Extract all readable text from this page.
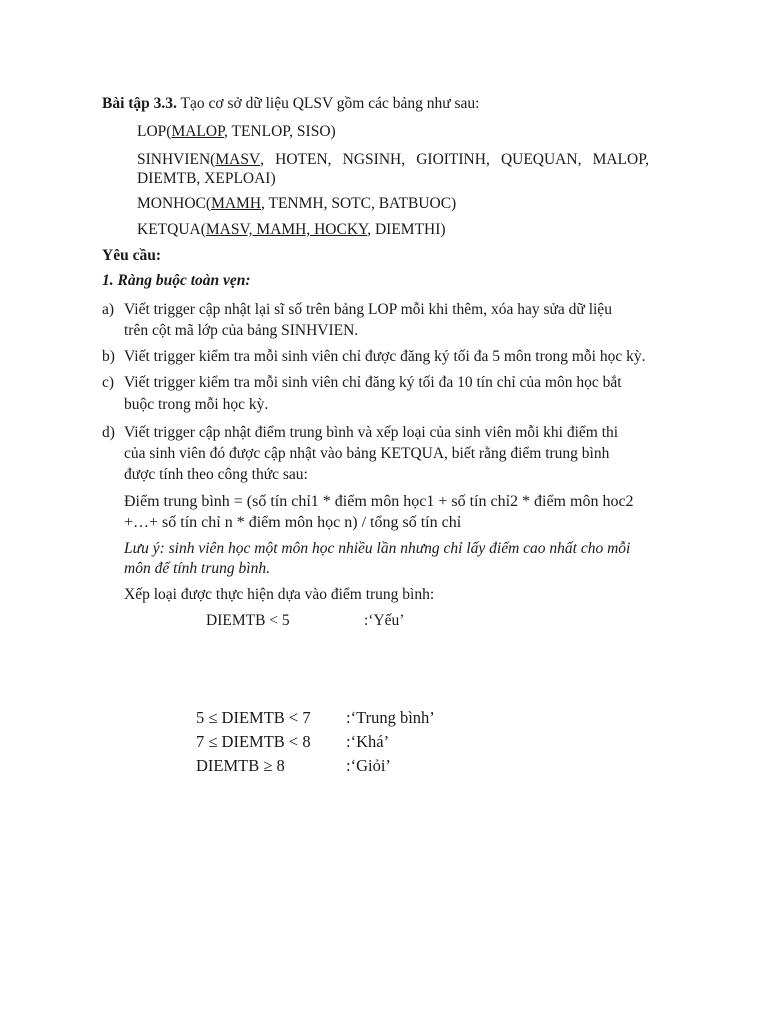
Bài tập 3.3. Tạo cơ sở dữ liệu QLSV gồm các bảng như sau:
LOP(MALOP, TENLOP, SISO)
SINHVIEN(MASV, HOTEN, NGSINH, GIOITINH, QUEQUAN, MALOP,
DIEMTB, XEPLOAI)
MONHOC(MAMH, TENMH, SOTC, BATBUOC)
KETQUA(MASV, MAMH, HOCKY, DIEMTHI)
Yêu cầu:
1. Ràng buộc toàn vẹn:
a) Viết trigger cập nhật lại sĩ số trên bảng LOP mỗi khi thêm, xóa hay sửa dữ liệu
trên cột mã lớp của bảng SINHVIEN.
b) Viết trigger kiểm tra mỗi sinh viên chỉ được đăng ký tối đa 5 môn trong mỗi học kỳ.
c) Viết trigger kiểm tra mỗi sinh viên chỉ đăng ký tối đa 10 tín chỉ của môn học bắt
buộc trong mỗi học kỳ.
d) Viết trigger cập nhật điểm trung bình và xếp loại của sinh viên mỗi khi điểm thi
của sinh viên đó được cập nhật vào bảng KETQUA, biết rằng điểm trung bình
được tính theo công thức sau:
Điểm trung bình = (số tín chỉ1 * điểm môn học1 + số tín chỉ2 * điểm môn hoc2
+…+ số tín chỉ n * điểm môn học n) / tổng số tín chỉ
Lưu ý: sinh viên học một môn học nhiều lần nhưng chỉ lấy điểm cao nhất cho mỗi
môn để tính trung bình.
Xếp loại được thực hiện dựa vào điểm trung bình:
DIEMTB < 5	:‘Yếu’
5 ≤ DIEMTB < 7 :‘Trung bình’
7 ≤ DIEMTB < 8 :‘Khá’
DIEMTB ≥ 8	:‘Giỏi’
